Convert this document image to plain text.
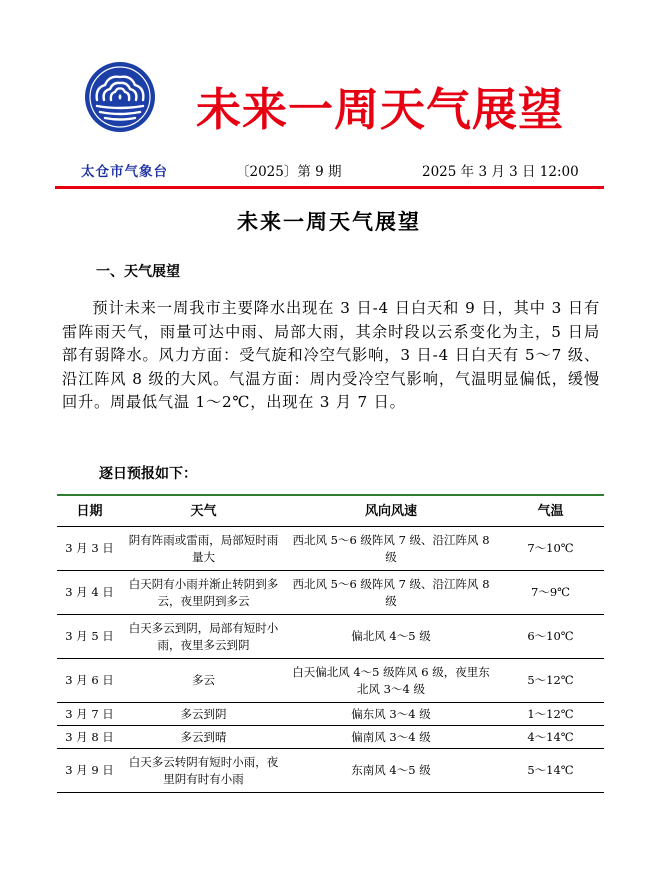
未来一周天气展望
太仓市气象台	〔2025〕第 9 期	2025 年 3 月 3 日 12:00
未来一周天气展望
一、天气展望

预计未来一周我市主要降水出现在 3 日-4 日白天和 9 日，其中 3 日有雷阵雨天气，雨量可达中雨、局部大雨，其余时段以云系变化为主，5 日局部有弱降水。风力方面：受气旋和冷空气影响，3 日-4 日白天有 5～7 级、沿江阵风 8 级的大风。气温方面：周内受冷空气影响，气温明显偏低，缓慢回升。周最低气温 1～2℃，出现在 3 月 7 日。

逐日预报如下：
日期	天气	风向风速	气温
3 月 3 日	阴有阵雨或雷雨，局部短时雨量大	西北风 5～6 级阵风 7 级、沿江阵风 8 级	7～10℃
3 月 4 日	白天阴有小雨并渐止转阴到多云，夜里阴到多云	西北风 5～6 级阵风 7 级、沿江阵风 8 级	7～9℃
3 月 5 日	白天多云到阴，局部有短时小雨，夜里多云到阴	偏北风 4～5 级	6～10℃
3 月 6 日	多云	白天偏北风 4～5 级阵风 6 级，夜里东北风 3～4 级	5～12℃
3 月 7 日	多云到阴	偏东风 3～4 级	1～12℃
3 月 8 日	多云到晴	偏南风 3～4 级	4～14℃
3 月 9 日	白天多云转阴有短时小雨，夜里阴有时有小雨	东南风 4～5 级	5～14℃
